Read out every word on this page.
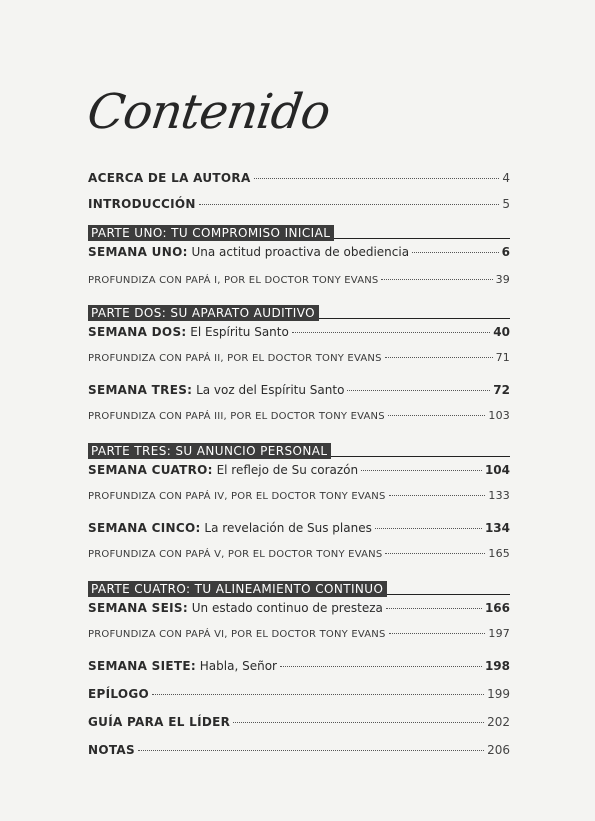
Contenido
ACERCA DE LA AUTORA	4
INTRODUCCIÓN	5
PARTE UNO: TU COMPROMISO INICIAL
SEMANA UNO: Una actitud proactiva de obediencia	6
PROFUNDIZA CON PAPÁ I, POR EL DOCTOR TONY EVANS	39
PARTE DOS: SU APARATO AUDITIVO
SEMANA DOS: El Espíritu Santo	40
PROFUNDIZA CON PAPÁ II, POR EL DOCTOR TONY EVANS	71
SEMANA TRES: La voz del Espíritu Santo	72
PROFUNDIZA CON PAPÁ III, POR EL DOCTOR TONY EVANS	103
PARTE TRES: SU ANUNCIO PERSONAL
SEMANA CUATRO: El reflejo de Su corazón	104
PROFUNDIZA CON PAPÁ IV, POR EL DOCTOR TONY EVANS	133
SEMANA CINCO: La revelación de Sus planes	134
PROFUNDIZA CON PAPÁ V, POR EL DOCTOR TONY EVANS	165
PARTE CUATRO: TU ALINEAMIENTO CONTINUO
SEMANA SEIS: Un estado continuo de presteza	166
PROFUNDIZA CON PAPÁ VI, POR EL DOCTOR TONY EVANS	197
SEMANA SIETE: Habla, Señor	198
EPÍLOGO	199
GUÍA PARA EL LÍDER	202
NOTAS	206
